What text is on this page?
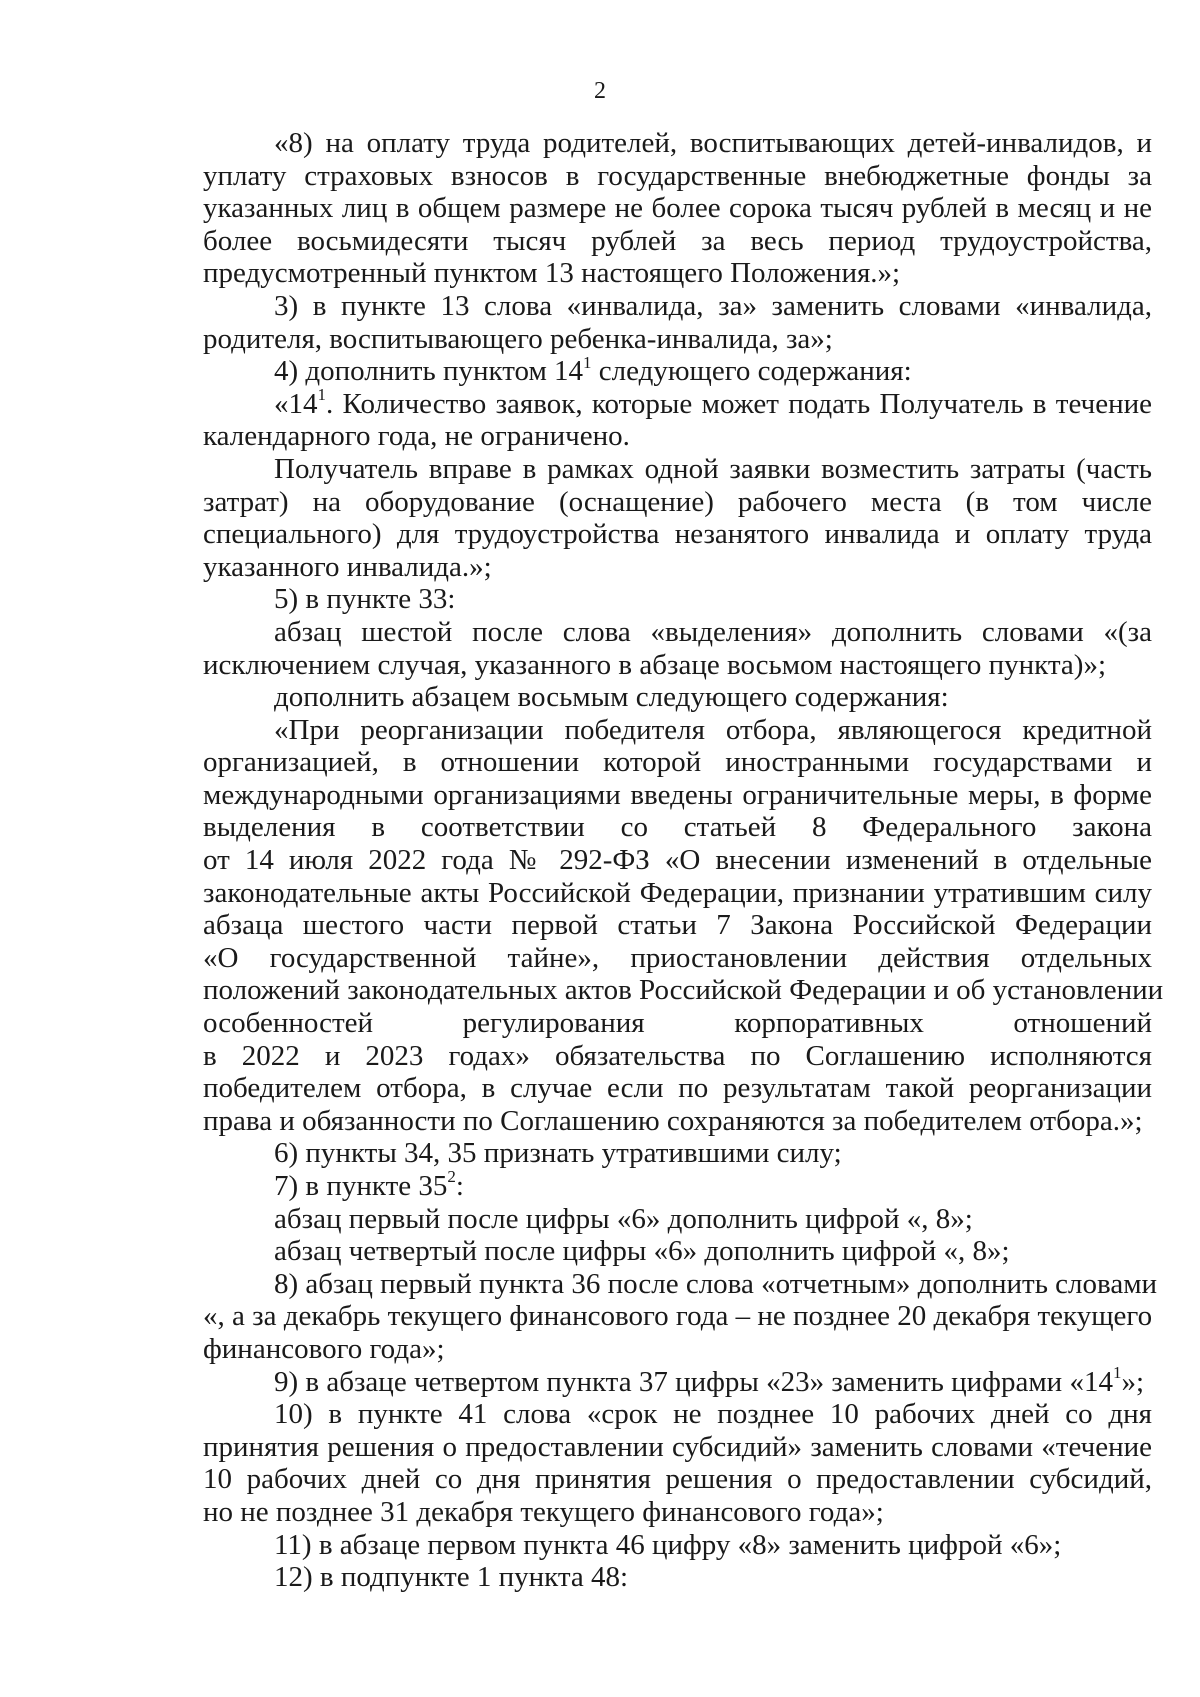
2
«8) на оплату труда родителей, воспитывающих детей-инвалидов, и
уплату страховых взносов в государственные внебюджетные фонды за
указанных лиц в общем размере не более сорока тысяч рублей в месяц и не
более восьмидесяти тысяч рублей за весь период трудоустройства,
предусмотренный пунктом 13 настоящего Положения.»;
3) в пункте 13 слова «инвалида, за» заменить словами «инвалида,
родителя, воспитывающего ребенка-инвалида, за»;
4) дополнить пунктом $14^1$ следующего содержания:
«$14^1$. Количество заявок, которые может подать Получатель в течение
календарного года, не ограничено.
Получатель вправе в рамках одной заявки возместить затраты (часть
затрат) на оборудование (оснащение) рабочего места (в том числе
специального) для трудоустройства незанятого инвалида и оплату труда
указанного инвалида.»;
5) в пункте 33:
абзац шестой после слова «выделения» дополнить словами «(за
исключением случая, указанного в абзаце восьмом настоящего пункта)»;
дополнить абзацем восьмым следующего содержания:
«При реорганизации победителя отбора, являющегося кредитной
организацией, в отношении которой иностранными государствами и
международными организациями введены ограничительные меры, в форме
выделения в соответствии со статьей 8 Федерального закона
от 14 июля 2022 года № 292-ФЗ «О внесении изменений в отдельные
законодательные акты Российской Федерации, признании утратившим силу
абзаца шестого части первой статьи 7 Закона Российской Федерации
«О государственной тайне», приостановлении действия отдельных
положений законодательных актов Российской Федерации и об установлении
особенностей регулирования корпоративных отношений
в 2022 и 2023 годах» обязательства по Соглашению исполняются
победителем отбора, в случае если по результатам такой реорганизации
права и обязанности по Соглашению сохраняются за победителем отбора.»;
6) пункты 34, 35 признать утратившими силу;
7) в пункте $35^2$:
абзац первый после цифры «6» дополнить цифрой «, 8»;
абзац четвертый после цифры «6» дополнить цифрой «, 8»;
8) абзац первый пункта 36 после слова «отчетным» дополнить словами
«, а за декабрь текущего финансового года – не позднее 20 декабря текущего
финансового года»;
9) в абзаце четвертом пункта 37 цифры «23» заменить цифрами «$14^1$»;
10) в пункте 41 слова «срок не позднее 10 рабочих дней со дня
принятия решения о предоставлении субсидий» заменить словами «течение
10 рабочих дней со дня принятия решения о предоставлении субсидий,
но не позднее 31 декабря текущего финансового года»;
11) в абзаце первом пункта 46 цифру «8» заменить цифрой «6»;
12) в подпункте 1 пункта 48:
